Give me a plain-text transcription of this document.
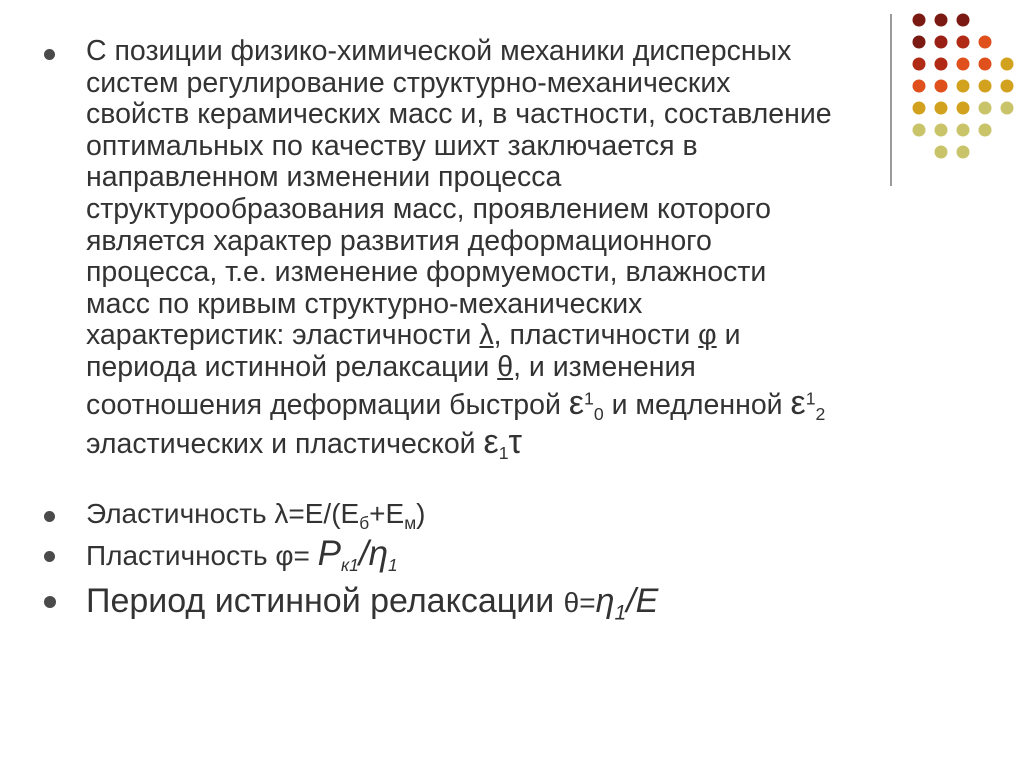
С позиции физико-химической механики дисперсных
систем регулирование структурно-механических
свойств керамических масс и, в частности, составление
оптимальных по качеству шихт заключается в
направленном изменении процесса
структурообразования масс, проявлением которого
является характер развития деформационного
процесса, т.е. изменение формуемости, влажности
масс по кривым структурно-механических
характеристик: эластичности λ, пластичности φ и
периода истинной релаксации θ, и изменения
соотношения деформации быстрой $\varepsilon^1_0$ и медленной $\varepsilon^1_2$
эластических и пластической $\varepsilon_1\tau$
Эластичность $\lambda=Е/(Е_б+Е_м)$
Пластичность $\varphi= Р_{к1}/\eta_1$
Период истинной релаксации $\theta=\eta_1/Е$
